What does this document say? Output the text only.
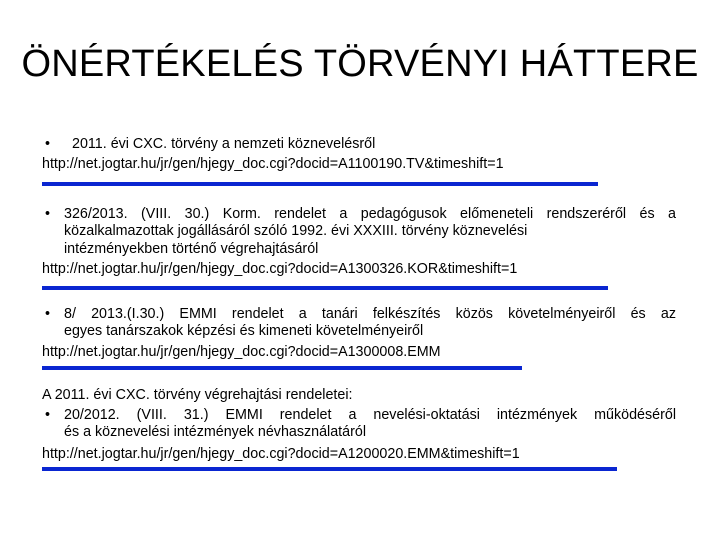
ÖNÉRTÉKELÉS TÖRVÉNYI HÁTTERE
• 2011. évi CXC. törvény a nemzeti köznevelésről
http://net.jogtar.hu/jr/gen/hjegy_doc.cgi?docid=A1100190.TV&timeshift=1
• 326/2013. (VIII. 30.) Korm. rendelet a pedagógusok előmeneteli rendszeréről és a
közalkalmazottak jogállásáról szóló 1992. évi XXXIII. törvény köznevelési
intézményekben történő végrehajtásáról
http://net.jogtar.hu/jr/gen/hjegy_doc.cgi?docid=A1300326.KOR&timeshift=1
• 8/ 2013.(I.30.) EMMI rendelet a tanári felkészítés közös követelményeiről és az
egyes tanárszakok képzési és kimeneti követelményeiről
http://net.jogtar.hu/jr/gen/hjegy_doc.cgi?docid=A1300008.EMM
A 2011. évi CXC. törvény végrehajtási rendeletei:
• 20/2012. (VIII. 31.) EMMI rendelet a nevelési-oktatási intézmények működéséről
és a köznevelési intézmények névhasználatáról
http://net.jogtar.hu/jr/gen/hjegy_doc.cgi?docid=A1200020.EMM&timeshift=1
